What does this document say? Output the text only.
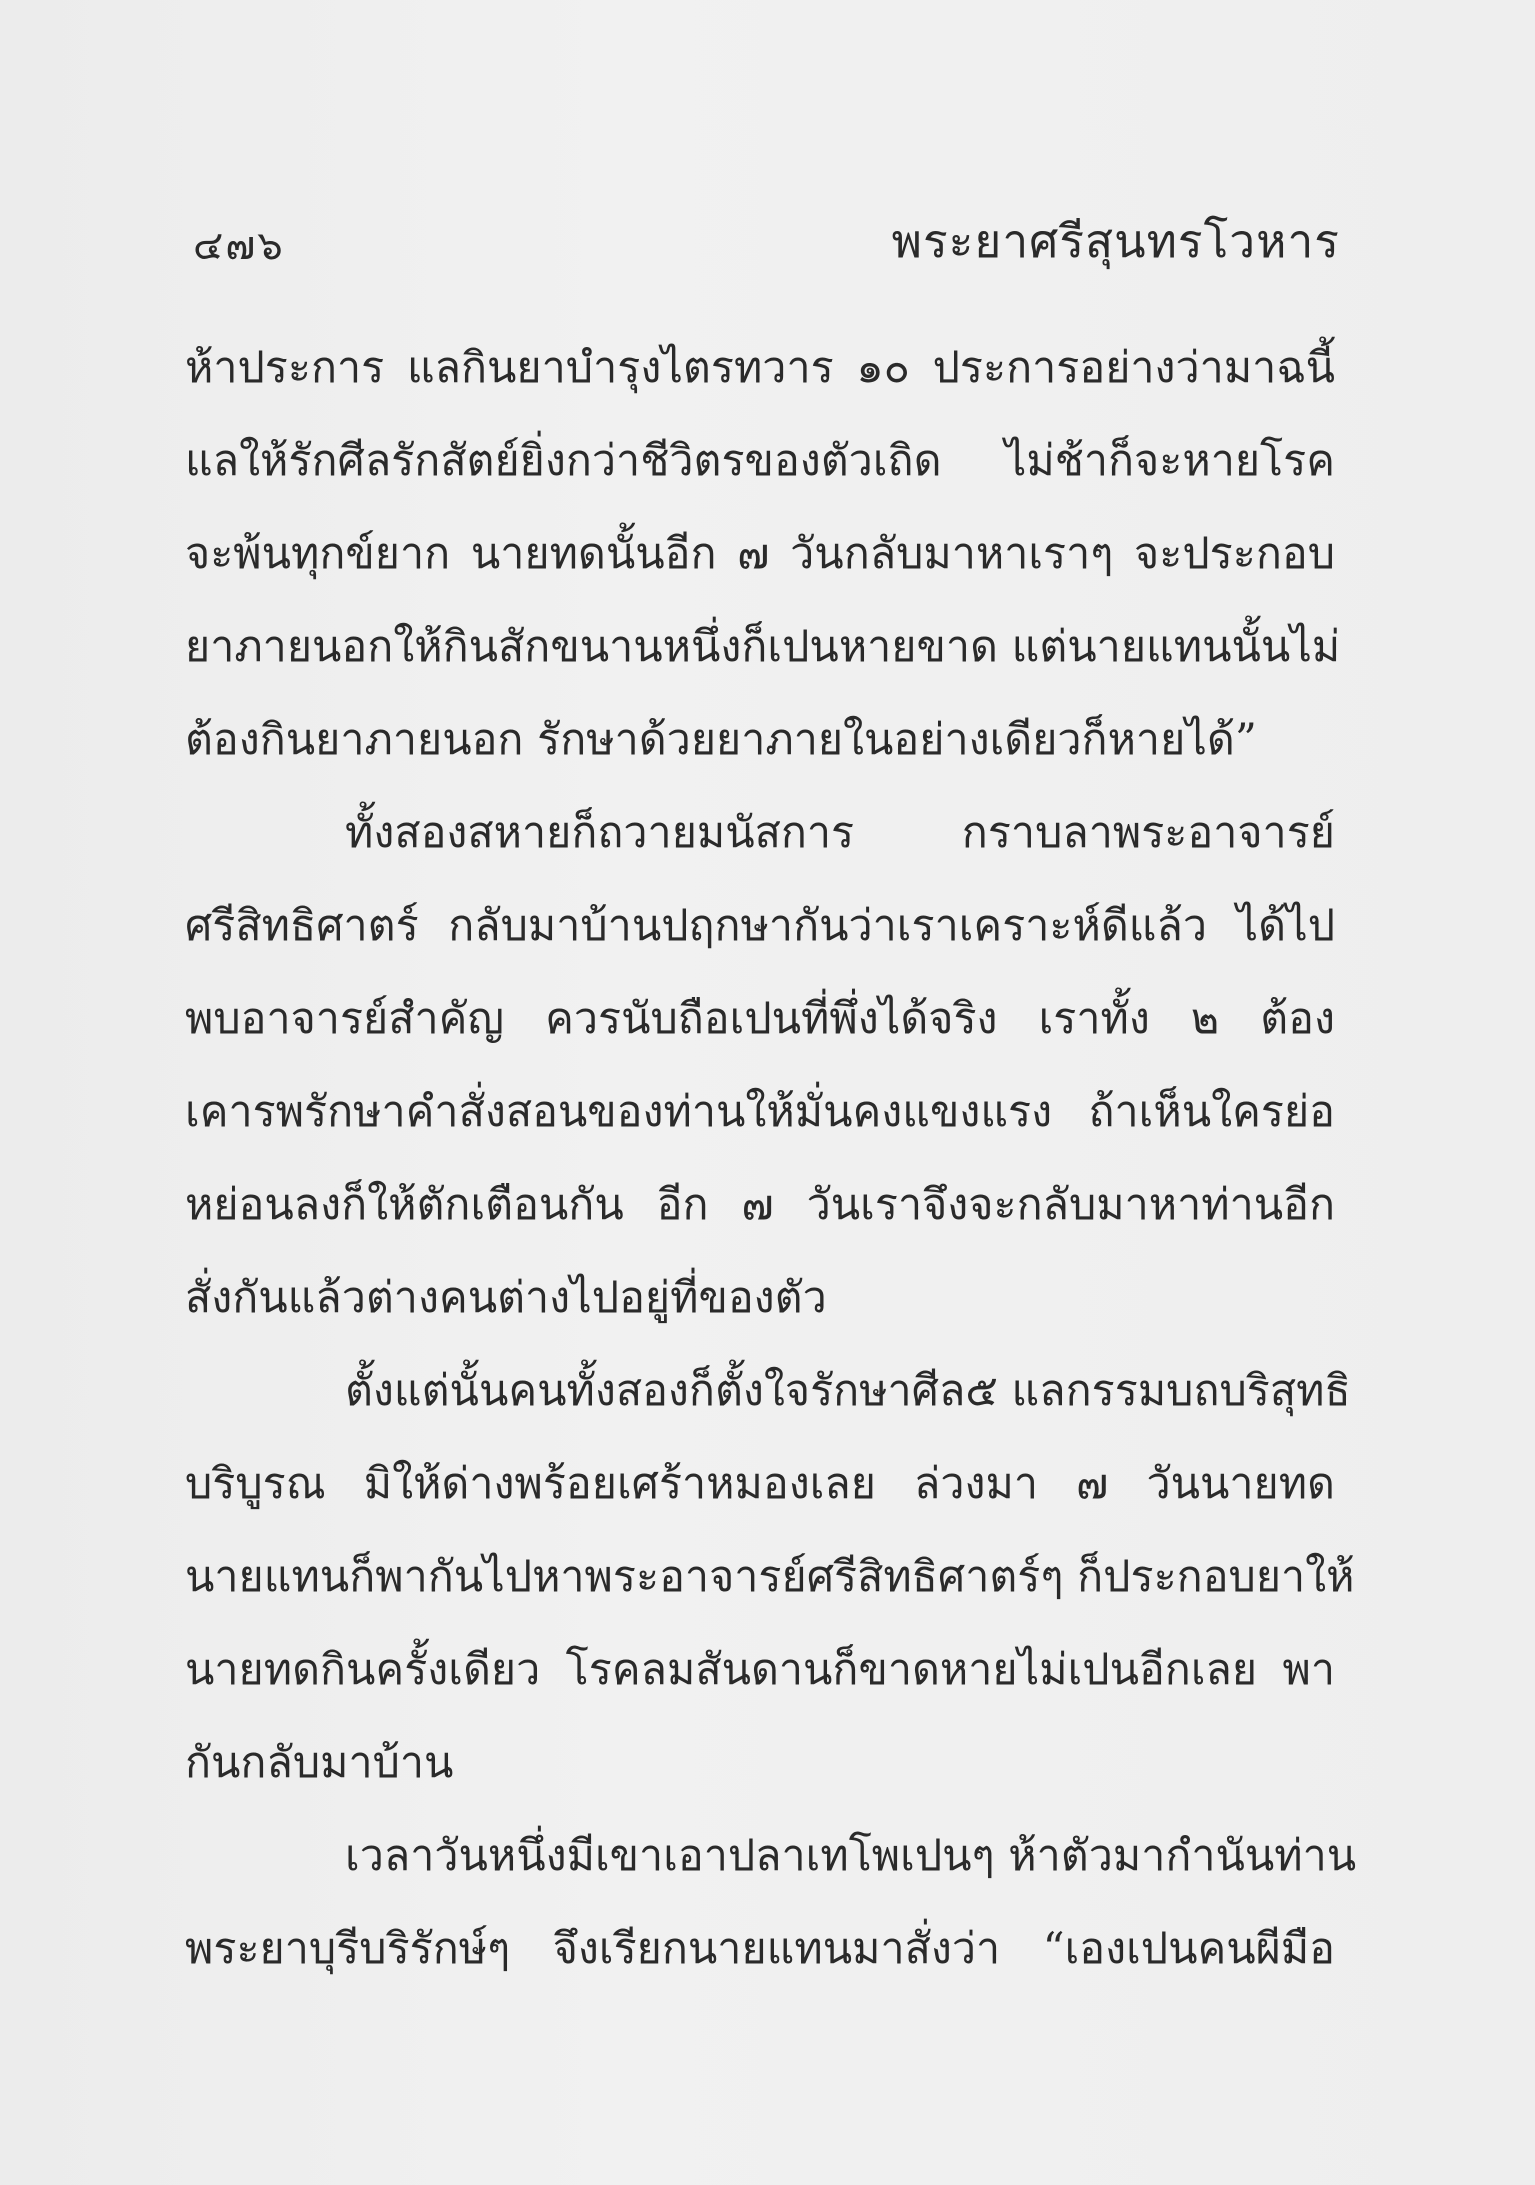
๔๗๖	พระยาศรีสุนทรโวหาร
ห้าประการ แลกินยาบำรุงไตรทวาร ๑๐ ประการอย่างว่ามาฉนี้
แลให้รักศีลรักสัตย์ยิ่งกว่าชีวิตรของตัวเถิด ไม่ช้าก็จะหายโรค
จะพ้นทุกข์ยาก นายทดนั้นอีก ๗ วันกลับมาหาเราๆ จะประกอบ
ยาภายนอกให้กินสักขนานหนึ่งก็เปนหายขาด แต่นายแทนนั้นไม่
ต้องกินยาภายนอก รักษาด้วยยาภายในอย่างเดียวก็หายได้”
ทั้งสองสหายก็ถวายมนัสการ กราบลาพระอาจารย์
ศรีสิทธิศาตร์ กลับมาบ้านปฤกษากันว่าเราเคราะห์ดีแล้ว ได้ไป
พบอาจารย์สำคัญ ควรนับถือเปนที่พึ่งได้จริง เราทั้ง ๒ ต้อง
เคารพรักษาคำสั่งสอนของท่านให้มั่นคงแขงแรง ถ้าเห็นใครย่อ
หย่อนลงก็ให้ตักเตือนกัน อีก ๗ วันเราจึงจะกลับมาหาท่านอีก
สั่งกันแล้วต่างคนต่างไปอยู่ที่ของตัว
ตั้งแต่นั้นคนทั้งสองก็ตั้งใจรักษาศีล๕ แลกรรมบถบริสุทธิ
บริบูรณ มิให้ด่างพร้อยเศร้าหมองเลย ล่วงมา ๗ วันนายทด
นายแทนก็พากันไปหาพระอาจารย์ศรีสิทธิศาตร์ๆ ก็ประกอบยาให้
นายทดกินครั้งเดียว โรคลมสันดานก็ขาดหายไม่เปนอีกเลย พา
กันกลับมาบ้าน
เวลาวันหนึ่งมีเขาเอาปลาเทโพเปนๆ ห้าตัวมากำนันท่าน
พระยาบุรีบริรักษ์ๆ จึงเรียกนายแทนมาสั่งว่า “เองเปนคนผีมือ
